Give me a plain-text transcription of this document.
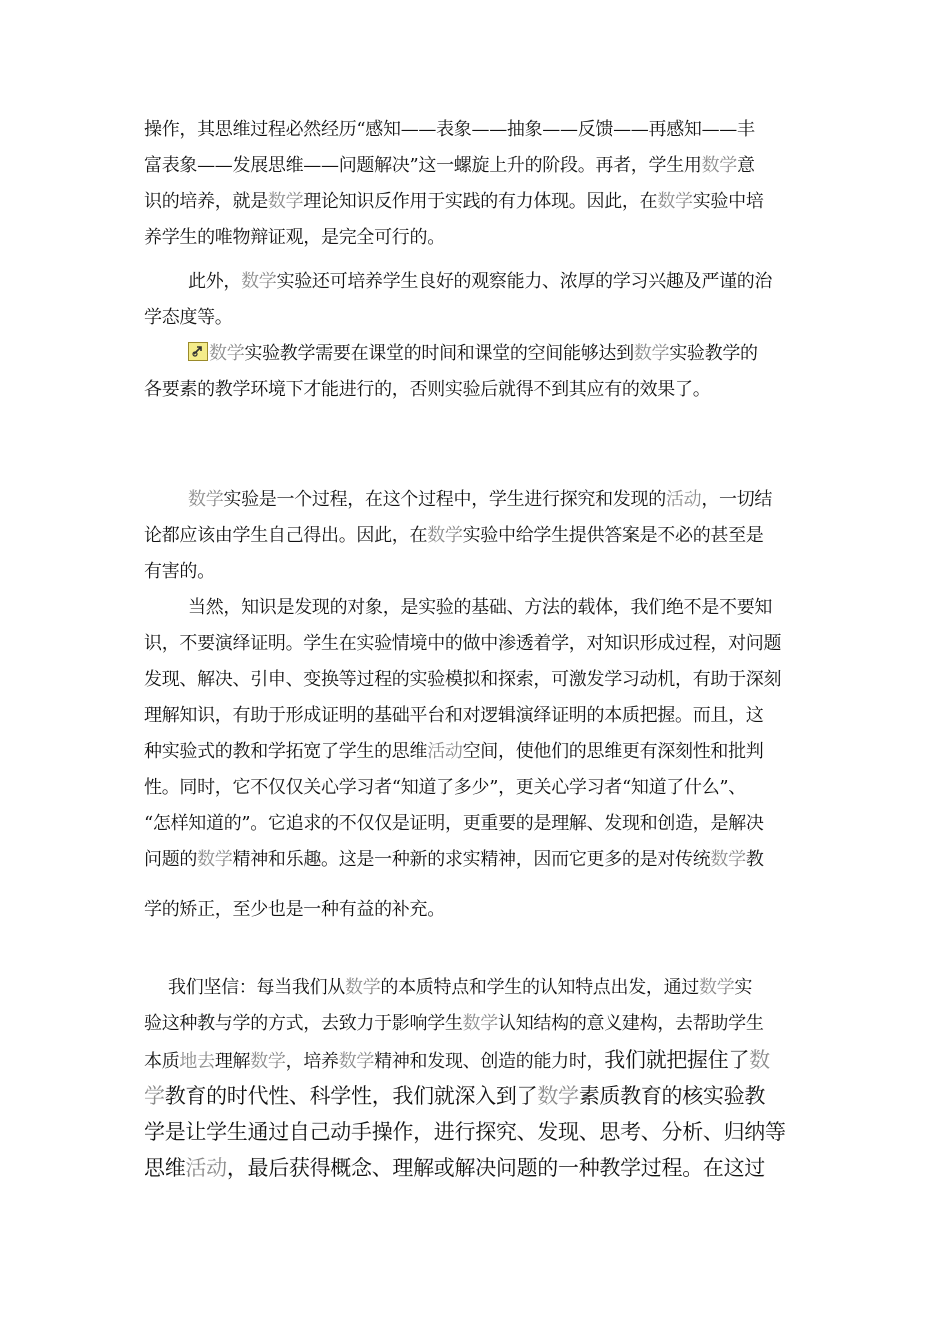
操作，其思维过程必然经历“感知——表象——抽象——反馈——再感知——丰
富表象——发展思维——问题解决”这一螺旋上升的阶段。再者，学生用数学意
识的培养，就是数学理论知识反作用于实践的有力体现。因此，在数学实验中培
养学生的唯物辩证观，是完全可行的。
此外，数学实验还可培养学生良好的观察能力、浓厚的学习兴趣及严谨的治
学态度等。
数学实验教学需要在课堂的时间和课堂的空间能够达到数学实验教学的
各要素的教学环境下才能进行的，否则实验后就得不到其应有的效果了。
数学实验是一个过程，在这个过程中，学生进行探究和发现的活动，一切结
论都应该由学生自己得出。因此，在数学实验中给学生提供答案是不必的甚至是
有害的。
当然，知识是发现的对象，是实验的基础、方法的载体，我们绝不是不要知
识，不要演绎证明。学生在实验情境中的做中渗透着学，对知识形成过程，对问题
发现、解决、引申、变换等过程的实验模拟和探索，可激发学习动机，有助于深刻
理解知识，有助于形成证明的基础平台和对逻辑演绎证明的本质把握。而且，这
种实验式的教和学拓宽了学生的思维活动空间，使他们的思维更有深刻性和批判
性。同时，它不仅仅关心学习者“知道了多少”，更关心学习者“知道了什么”、
“怎样知道的”。它追求的不仅仅是证明，更重要的是理解、发现和创造，是解决
问题的数学精神和乐趣。这是一种新的求实精神，因而它更多的是对传统数学教
学的矫正，至少也是一种有益的补充。
我们坚信：每当我们从数学的本质特点和学生的认知特点出发，通过数学实
验这种教与学的方式，去致力于影响学生数学认知结构的意义建构，去帮助学生
本质地去理解数学，培养数学精神和发现、创造的能力时，我们就把握住了数
学教育的时代性、科学性，我们就深入到了数学素质教育的核实验教
学是让学生通过自己动手操作，进行探究、发现、思考、分析、归纳等
思维活动，最后获得概念、理解或解决问题的一种教学过程。在这过
